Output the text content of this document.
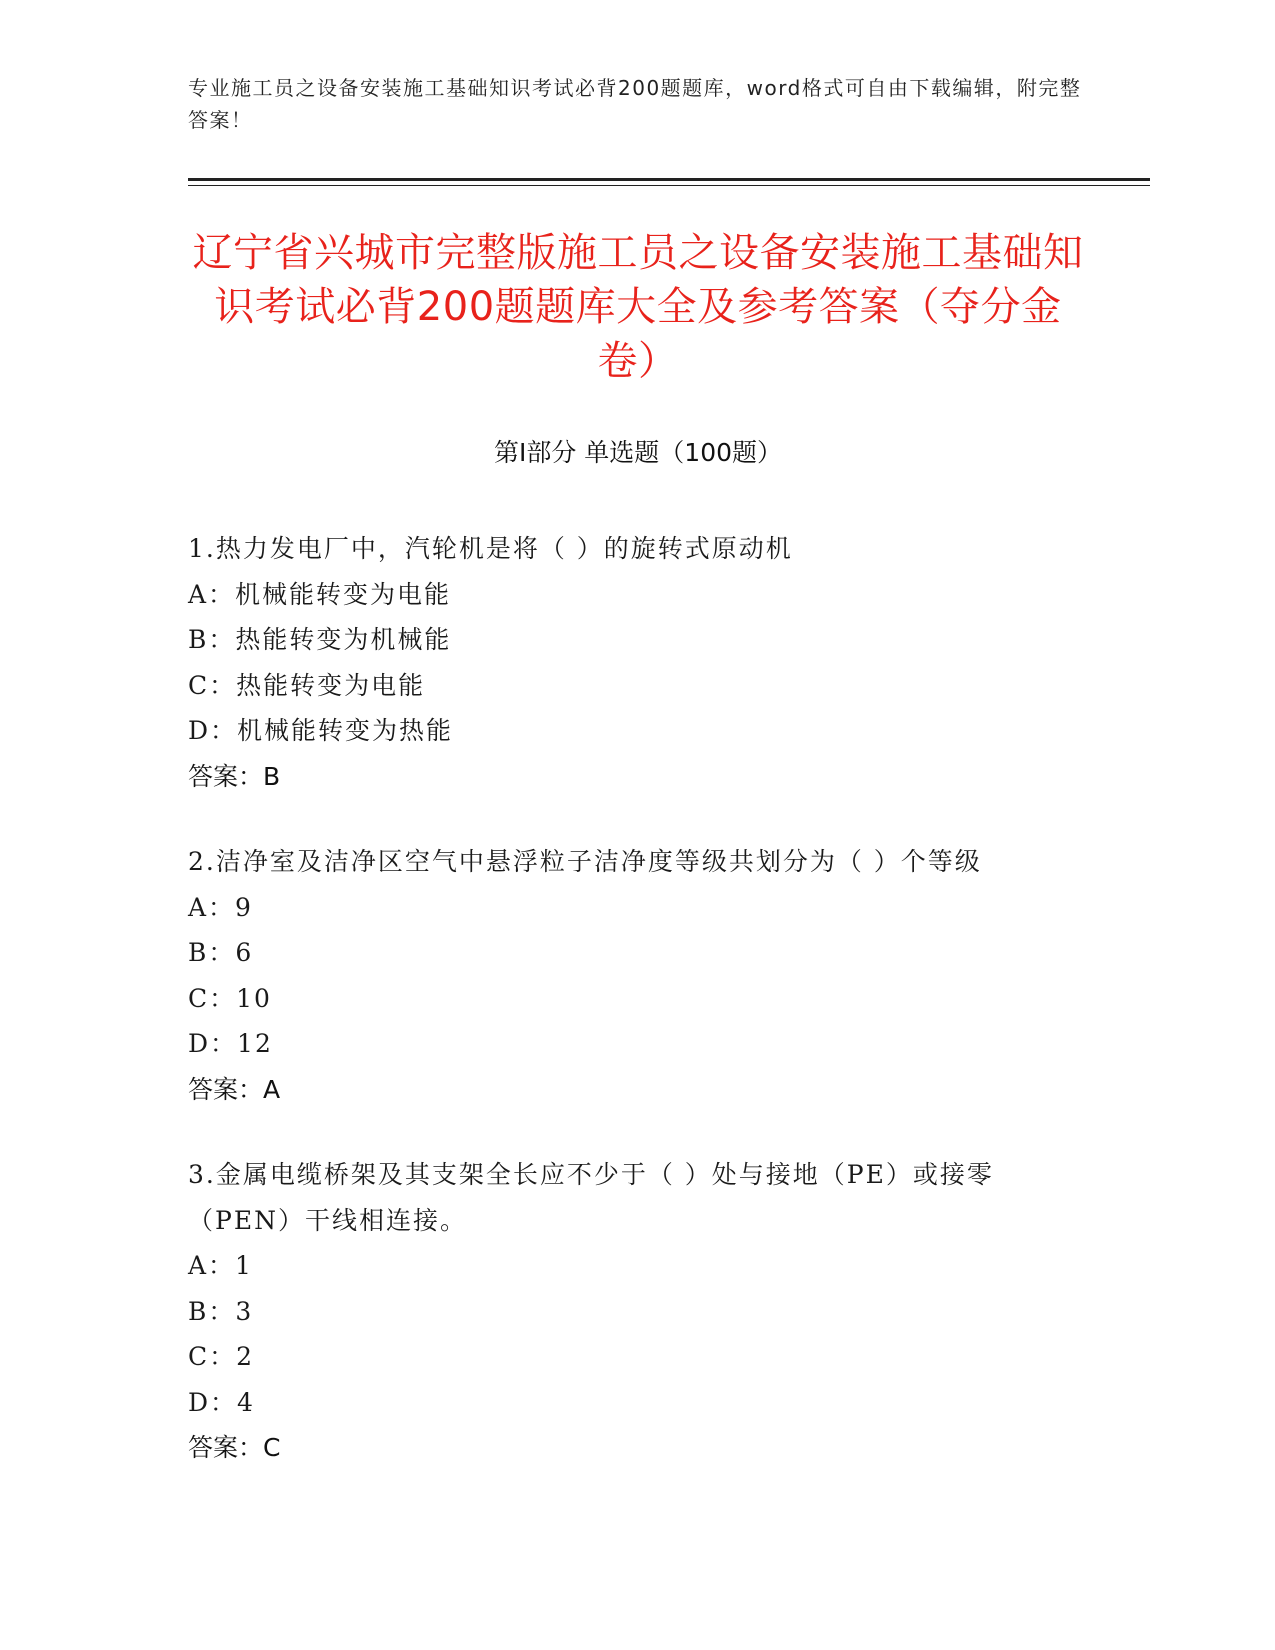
专业施工员之设备安装施工基础知识考试必背200题题库，word格式可自由下载编辑，附完整答案！
辽宁省兴城市完整版施工员之设备安装施工基础知识考试必背200题题库大全及参考答案（夺分金卷）
第Ⅰ部分 单选题（100题）
1.热力发电厂中，汽轮机是将（ ）的旋转式原动机
A：机械能转变为电能
B：热能转变为机械能
C：热能转变为电能
D：机械能转变为热能
答案：B
2.洁净室及洁净区空气中悬浮粒子洁净度等级共划分为（ ）个等级
A：9
B：6
C：10
D：12
答案：A
3.金属电缆桥架及其支架全长应不少于（ ）处与接地（PE）或接零（PEN）干线相连接。
A：1
B：3
C：2
D：4
答案：C
